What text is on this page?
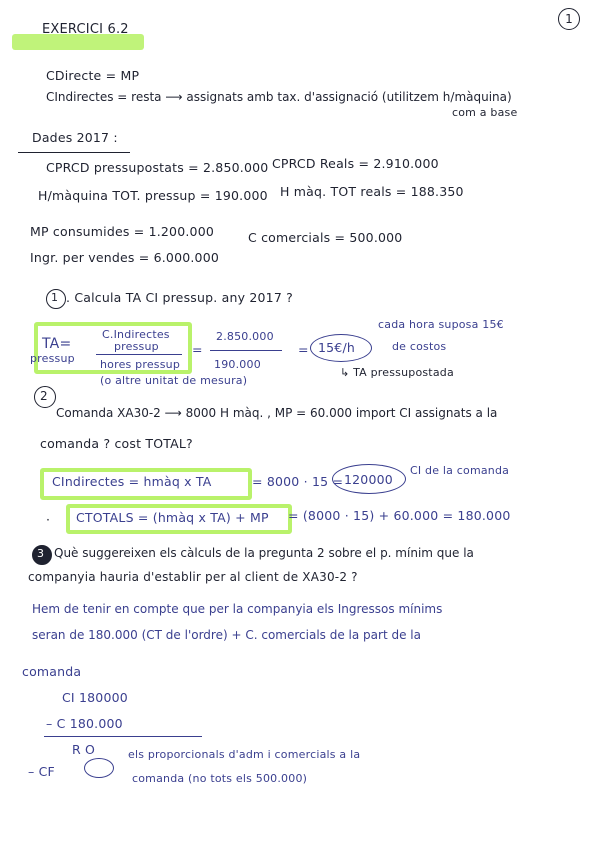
1
EXERCICI 6.2
CDirecte = MP
CIndirectes = resta ⟶ assignats amb tax. d'assignació (utilitzem h/màquina)
com a base
Dades 2017 :
CPRCD pressupostats = 2.850.000 CPRCD Reals = 2.910.000
H/màquina TOT. pressup = 190.000 H màq. TOT reals = 188.350
MP consumides = 1.200.000	C comercials = 500.000
Ingr. per vendes = 6.000.000
1 . Calcula TA CI pressup. any 2017 ?
TA=
pressup
C.Indirectes
pressup
hores pressup
(o altre unitat de mesura)
=
2.850.000
190.000
= 15€/h
cada hora suposa 15€
de costos
↳ TA pressupostada
2
Comanda XA30-2 ⟶ 8000 H màq. , MP = 60.000 import CI assignats a la
comanda ? cost TOTAL?
CIndirectes = hmàq x TA	= 8000 · 15 = 120000
CI de la comanda
· CTOTALS = (hmàq x TA) + MP = (8000 · 15) + 60.000 = 180.000
3 Què suggereixen els càlculs de la pregunta 2 sobre el p. mínim que la
companyia hauria d'establir per al client de XA30-2 ?
Hem de tenir en compte que per la companyia els Ingressos mínims
seran de 180.000 (CT de l'ordre) + C. comercials de la part de la
comanda
CI 180000
– C 180.000
R O
– CF
els proporcionals d'adm i comercials a la
comanda (no tots els 500.000)
